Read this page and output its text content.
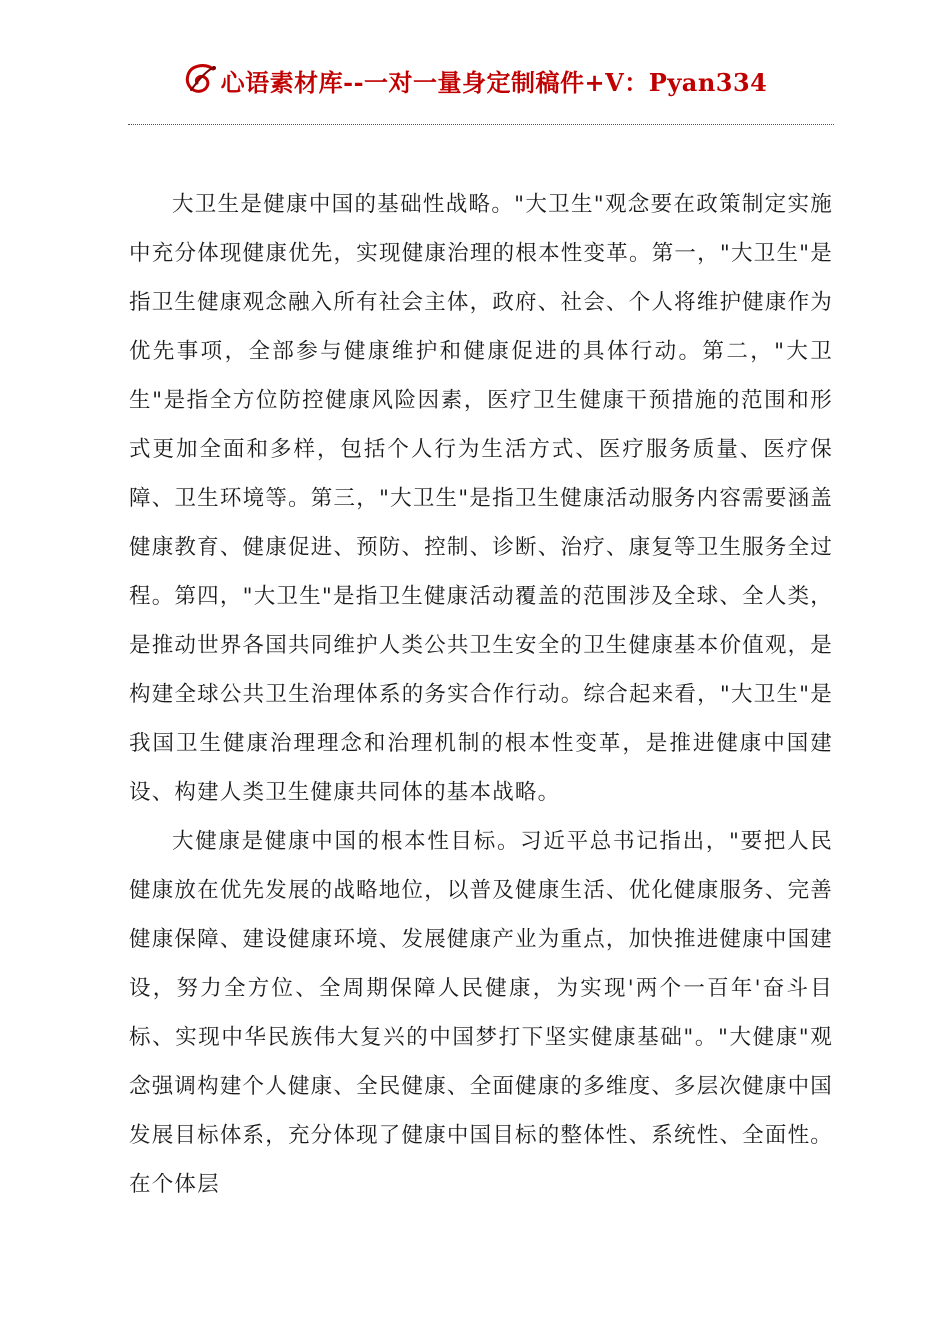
心语素材库--一对一量身定制稿件+V：Pyan334

大卫生是健康中国的基础性战略。"大卫生"观念要在政策制定实施中充分体现健康优先，实现健康治理的根本性变革。第一，"大卫生"是指卫生健康观念融入所有社会主体，政府、社会、个人将维护健康作为优先事项，全部参与健康维护和健康促进的具体行动。第二，"大卫生"是指全方位防控健康风险因素，医疗卫生健康干预措施的范围和形式更加全面和多样，包括个人行为生活方式、医疗服务质量、医疗保障、卫生环境等。第三，"大卫生"是指卫生健康活动服务内容需要涵盖健康教育、健康促进、预防、控制、诊断、治疗、康复等卫生服务全过程。第四，"大卫生"是指卫生健康活动覆盖的范围涉及全球、全人类，是推动世界各国共同维护人类公共卫生安全的卫生健康基本价值观，是构建全球公共卫生治理体系的务实合作行动。综合起来看，"大卫生"是我国卫生健康治理理念和治理机制的根本性变革，是推进健康中国建设、构建人类卫生健康共同体的基本战略。

大健康是健康中国的根本性目标。习近平总书记指出，"要把人民健康放在优先发展的战略地位，以普及健康生活、优化健康服务、完善健康保障、建设健康环境、发展健康产业为重点，加快推进健康中国建设，努力全方位、全周期保障人民健康，为实现'两个一百年'奋斗目标、实现中华民族伟大复兴的中国梦打下坚实健康基础"。"大健康"观念强调构建个人健康、全民健康、全面健康的多维度、多层次健康中国发展目标体系，充分体现了健康中国目标的整体性、系统性、全面性。在个体层
